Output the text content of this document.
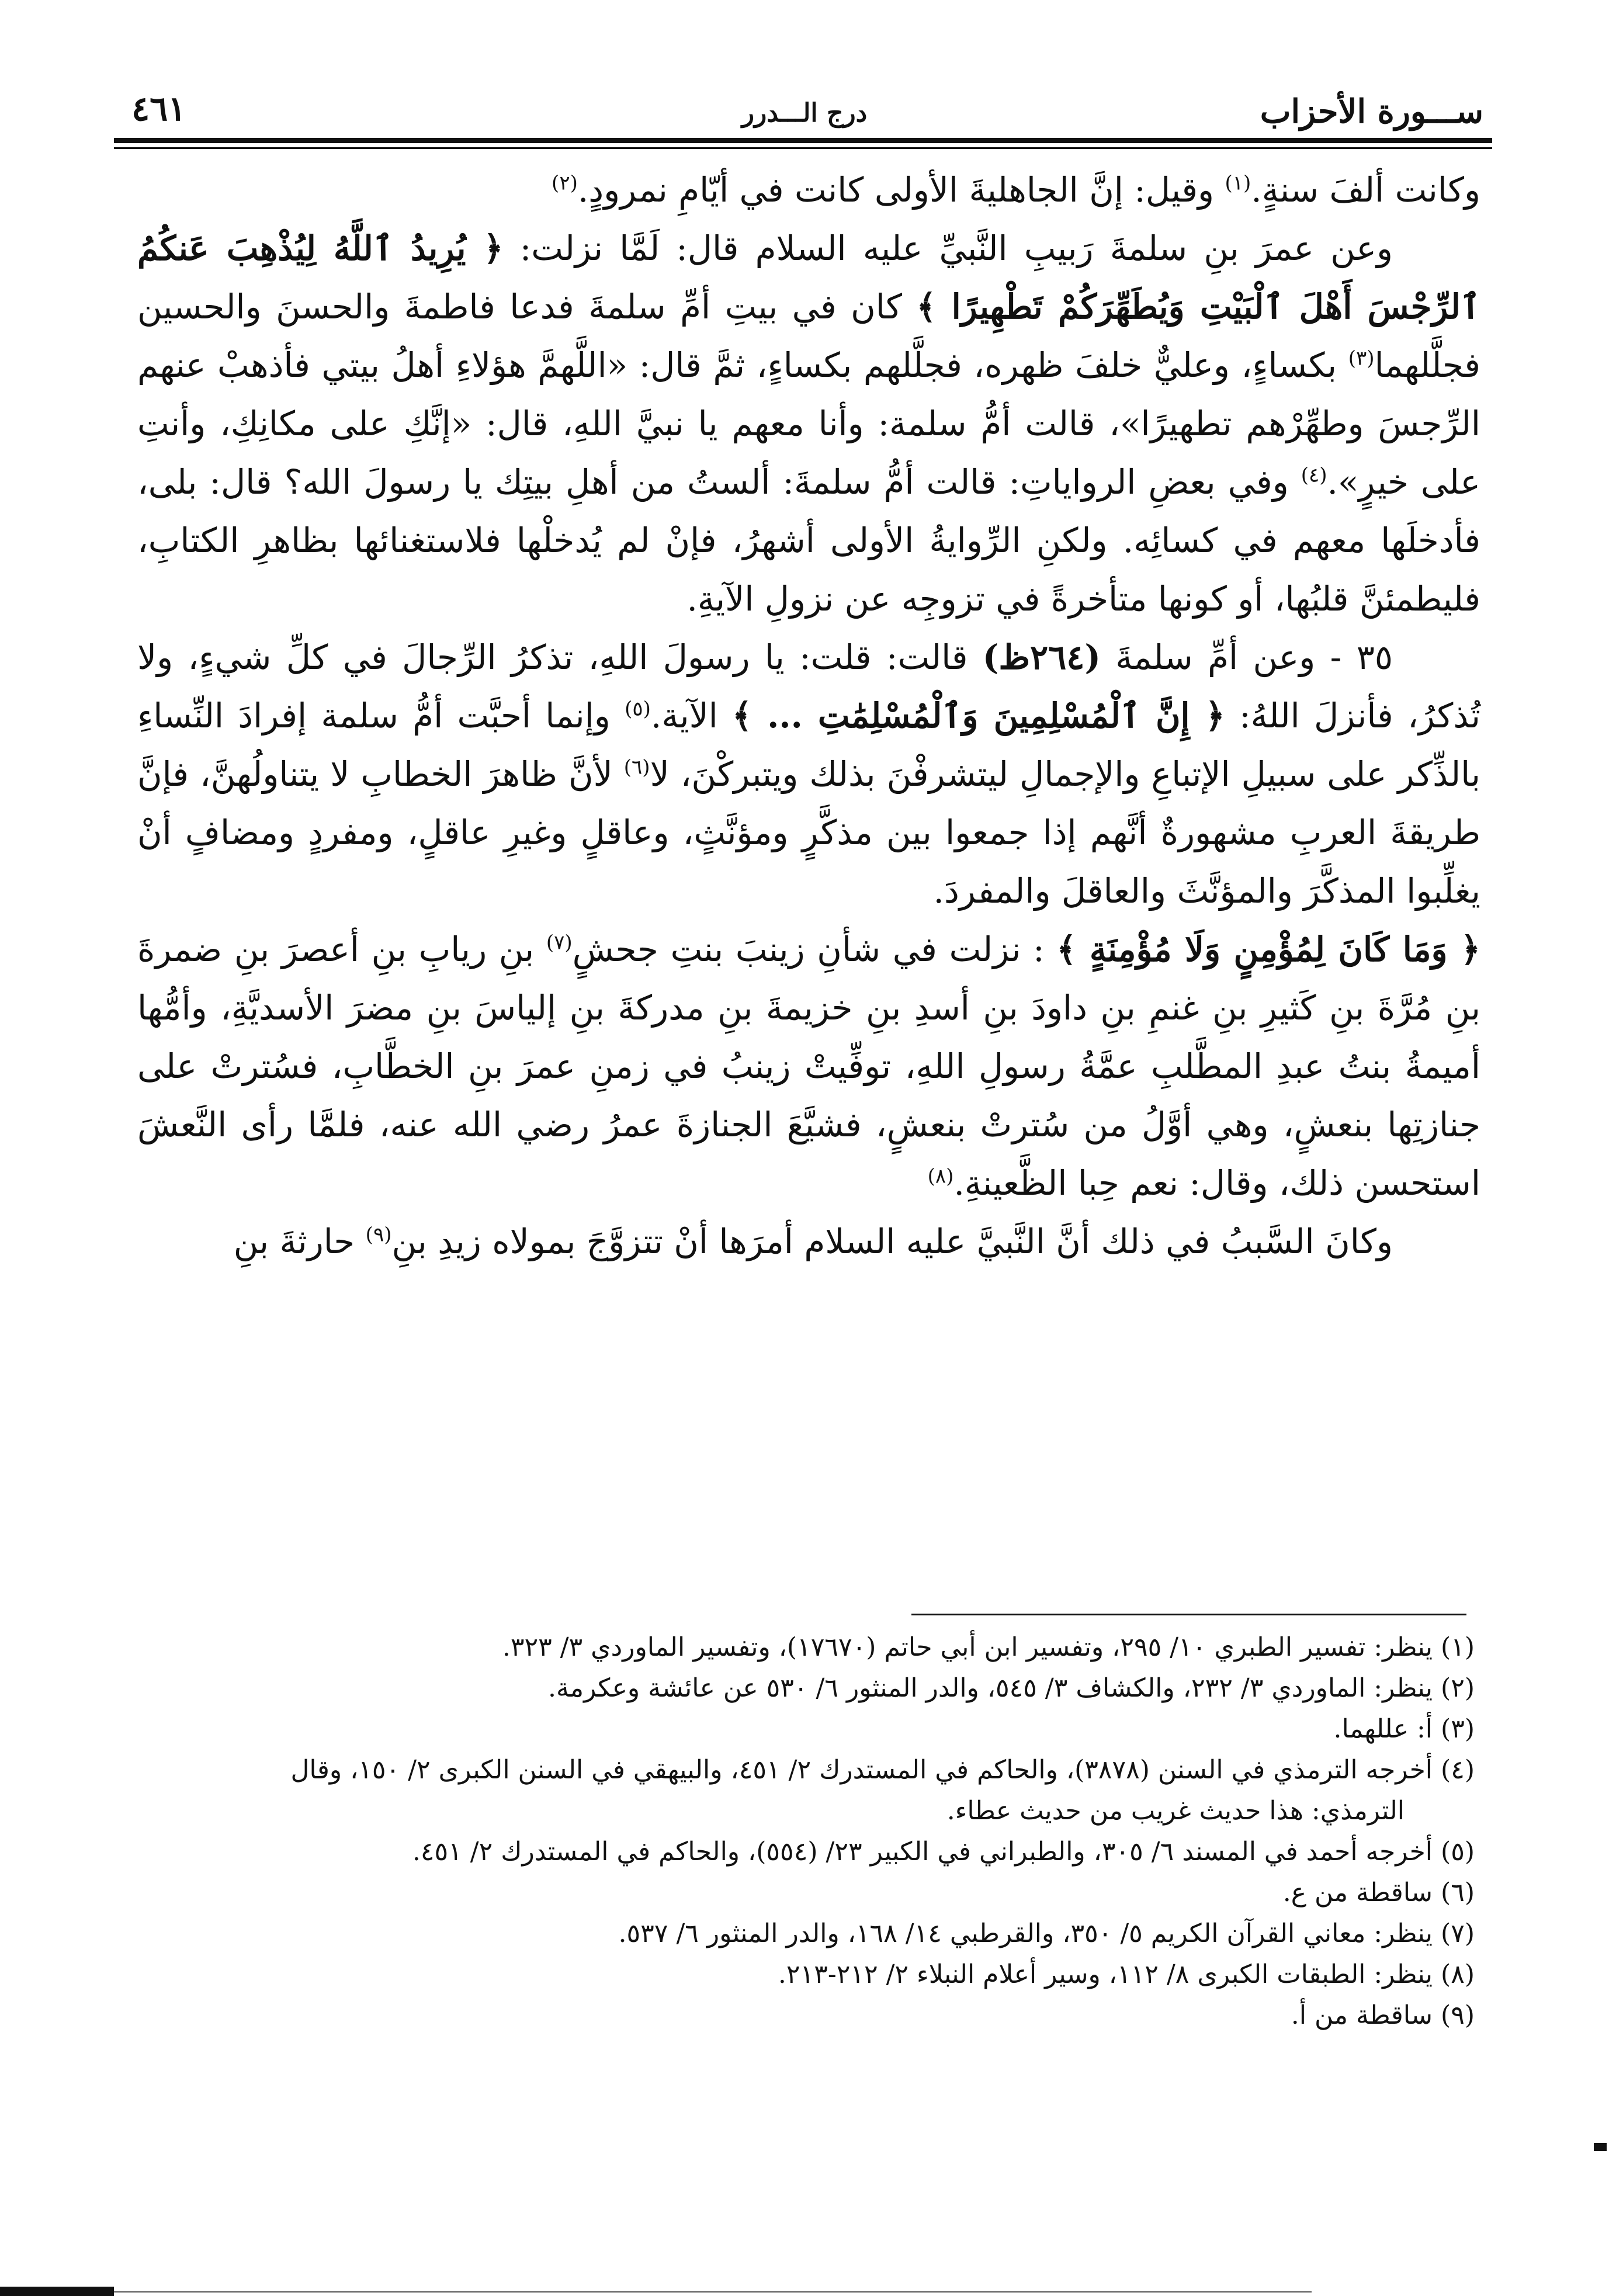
ســـورة الأحزاب
درج الـــدرر
٤٦١

وكانت ألفَ سنةٍ.$^{(١)}$ وقيل: إنَّ الجاهليةَ الأولى كانت في أيّامِ نمرودٍ.$^{(٢)}$

وعن عمرَ بنِ سلمةَ رَبيبِ النَّبيِّ عليه السلام قال: لَمَّا نزلت: ﴿ يُرِيدُ ٱللَّهُ لِيُذْهِبَ عَنكُمُ ٱلرِّجْسَ أَهْلَ ٱلْبَيْتِ وَيُطَهِّرَكُمْ تَطْهِيرًا ﴾ كان في بيتِ أمِّ سلمةَ فدعا فاطمةَ والحسنَ والحسين فجلَّلهما$^{(٣)}$ بكساءٍ، وعليٌّ خلفَ ظهره، فجلَّلهم بكساءٍ، ثمَّ قال: «اللَّهمَّ هؤلاءِ أهلُ بيتي فأذهبْ عنهم الرِّجسَ وطهِّرْهم تطهيرًا»، قالت أمُّ سلمة: وأنا معهم يا نبيَّ اللهِ، قال: «إنَّكِ على مكانِكِ، وأنتِ على خيرٍ».$^{(٤)}$ وفي بعضِ الرواياتِ: قالت أمُّ سلمةَ: ألستُ من أهلِ بيتِك يا رسولَ الله؟ قال: بلى، فأدخلَها معهم في كسائِه. ولكنِ الرِّوايةُ الأولى أشهرُ، فإنْ لم يُدخلْها فلاستغنائها بظاهرِ الكتابِ، فليطمئنَّ قلبُها، أو كونها متأخرةً في تزوجِه عن نزولِ الآيةِ.

٣٥ - وعن أمِّ سلمةَ (٢٦٤ظ) قالت: قلت: يا رسولَ اللهِ، تذكرُ الرِّجالَ في كلِّ شيءٍ، ولا تُذكرُ، فأنزلَ اللهُ: ﴿ إِنَّ ٱلْمُسْلِمِينَ وَٱلْمُسْلِمَٰتِ ... ﴾ الآية.$^{(٥)}$ وإنما أحبَّت أمُّ سلمة إفرادَ النِّساءِ بالذِّكر على سبيلِ الإتباعِ والإجمالِ ليتشرفْنَ بذلك ويتبركْنَ، لا$^{(٦)}$ لأنَّ ظاهرَ الخطابِ لا يتناولُهنَّ، فإنَّ طريقةَ العربِ مشهورةٌ أنَّهم إذا جمعوا بين مذكَّرٍ ومؤنَّثٍ، وعاقلٍ وغيرِ عاقلٍ، ومفردٍ ومضافٍ أنْ يغلِّبوا المذكَّرَ والمؤنَّثَ والعاقلَ والمفردَ.

﴿ وَمَا كَانَ لِمُؤْمِنٍ وَلَا مُؤْمِنَةٍ ﴾ : نزلت في شأنِ زينبَ بنتِ جحشٍ$^{(٧)}$ بنِ ريابِ بنِ أعصرَ بنِ ضمرةَ بنِ مُرَّةَ بنِ كَثيرِ بنِ غنمِ بنِ داودَ بنِ أسدِ بنِ خزيمةَ بنِ مدركةَ بنِ إلياسَ بنِ مضرَ الأسديَّةِ، وأمُّها أميمةُ بنتُ عبدِ المطَّلبِ عمَّةُ رسولِ اللهِ، توفِّيتْ زينبُ في زمنِ عمرَ بنِ الخطَّابِ، فسُترتْ على جنازتِها بنعشٍ، وهي أوَّلُ من سُترتْ بنعشٍ، فشيَّعَ الجنازةَ عمرُ رضي الله عنه، فلمَّا رأى النَّعشَ استحسن ذلك، وقال: نعم حِبا الظَّعينةِ.$^{(٨)}$

وكانَ السَّببُ في ذلك أنَّ النَّبيَّ عليه السلام أمرَها أنْ تتزوَّجَ بمولاه زيدِ بنِ$^{(٩)}$ حارثةَ بنِ

(١) ينظر: تفسير الطبري ١٠/ ٢٩٥، وتفسير ابن أبي حاتم (١٧٦٧٠)، وتفسير الماوردي ٣/ ٣٢٣.
(٢) ينظر: الماوردي ٣/ ٢٣٢، والكشاف ٣/ ٥٤٥، والدر المنثور ٦/ ٥٣٠ عن عائشة وعكرمة.
(٣) أ: عللهما.
(٤) أخرجه الترمذي في السنن (٣٨٧٨)، والحاكم في المستدرك ٢/ ٤٥١، والبيهقي في السنن الكبرى ٢/ ١٥٠، وقال
الترمذي: هذا حديث غريب من حديث عطاء.
(٥) أخرجه أحمد في المسند ٦/ ٣٠٥، والطبراني في الكبير ٢٣/ (٥٥٤)، والحاكم في المستدرك ٢/ ٤٥١.
(٦) ساقطة من ع.
(٧) ينظر: معاني القرآن الكريم ٥/ ٣٥٠، والقرطبي ١٤/ ١٦٨، والدر المنثور ٦/ ٥٣٧.
(٨) ينظر: الطبقات الكبرى ٨/ ١١٢، وسير أعلام النبلاء ٢/ ٢١٢-٢١٣.
(٩) ساقطة من أ.
